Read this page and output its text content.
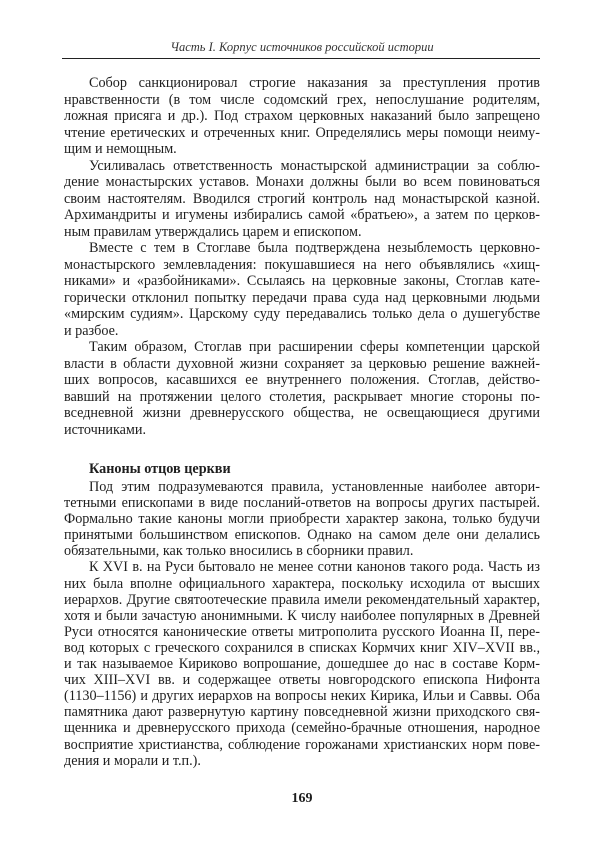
Часть I. Корпус источников российской истории
Собор санкционировал строгие наказания за преступления против
нравственности (в том числе содомский грех, непослушание родителям,
ложная присяга и др.). Под страхом церковных наказаний было запрещено
чтение еретических и отреченных книг. Определялись меры помощи неиму-
щим и немощным.
Усиливалась ответственность монастырской администрации за соблю-
дение монастырских уставов. Монахи должны были во всем повиноваться
своим настоятелям. Вводился строгий контроль над монастырской казной.
Архимандриты и игумены избирались самой «братьею», а затем по церков-
ным правилам утверждались царем и епископом.
Вместе с тем в Стоглаве была подтверждена незыблемость церковно-
монастырского землевладения: покушавшиеся на него объявлялись «хищ-
никами» и «разбойниками». Ссылаясь на церковные законы, Стоглав кате-
горически отклонил попытку передачи права суда над церковными людьми
«мирским судиям». Царскому суду передавались только дела о душегубстве
и разбое.
Таким образом, Стоглав при расширении сферы компетенции царской
власти в области духовной жизни сохраняет за церковью решение важней-
ших вопросов, касавшихся ее внутреннего положения. Стоглав, действо-
вавший на протяжении целого столетия, раскрывает многие стороны по-
вседневной жизни древнерусского общества, не освещающиеся другими
источниками.
Каноны отцов церкви
Под этим подразумеваются правила, установленные наиболее автори-
тетными епископами в виде посланий-ответов на вопросы других пастырей.
Формально такие каноны могли приобрести характер закона, только будучи
принятыми большинством епископов. Однако на самом деле они делались
обязательными, как только вносились в сборники правил.
К XVI в. на Руси бытовало не менее сотни канонов такого рода. Часть из
них была вполне официального характера, поскольку исходила от высших
иерархов. Другие святоотеческие правила имели рекомендательный характер,
хотя и были зачастую анонимными. К числу наиболее популярных в Древней
Руси относятся канонические ответы митрополита русского Иоанна II, пере-
вод которых с греческого сохранился в списках Кормчих книг XIV–XVII вв.,
и так называемое Кириково вопрошание, дошедшее до нас в составе Корм-
чих XIII–XVI вв. и содержащее ответы новгородского епископа Нифонта
(1130–1156) и других иерархов на вопросы неких Кирика, Ильи и Саввы. Оба
памятника дают развернутую картину повседневной жизни приходского свя-
щенника и древнерусского прихода (семейно-брачные отношения, народное
восприятие христианства, соблюдение горожанами христианских норм пове-
дения и морали и т.п.).
169
